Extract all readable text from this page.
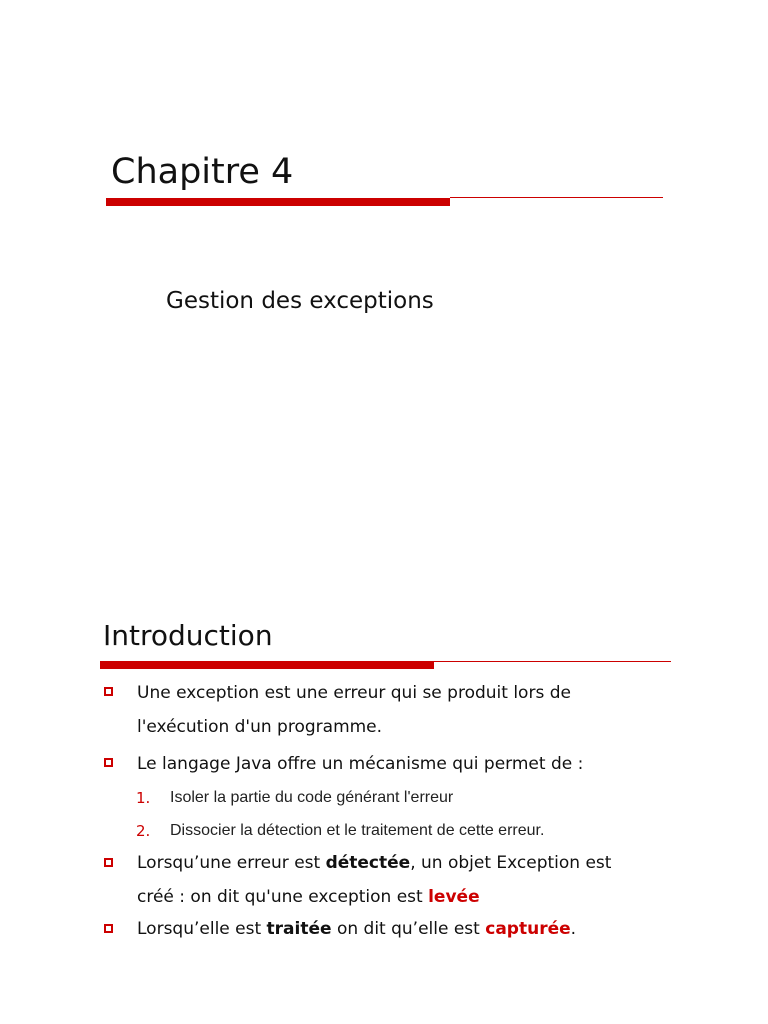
Chapitre 4
Gestion des exceptions
Introduction

Une exception est une erreur qui se produit lors de

l'exécution d'un programme.

Le langage Java offre un mécanisme qui permet de :

1. Isoler la partie du code générant l'erreur

2. Dissocier la détection et le traitement de cette erreur.

Lorsqu’une erreur est détectée, un objet Exception est

créé : on dit qu'une exception est levée

Lorsqu’elle est traitée on dit qu’elle est capturée.
